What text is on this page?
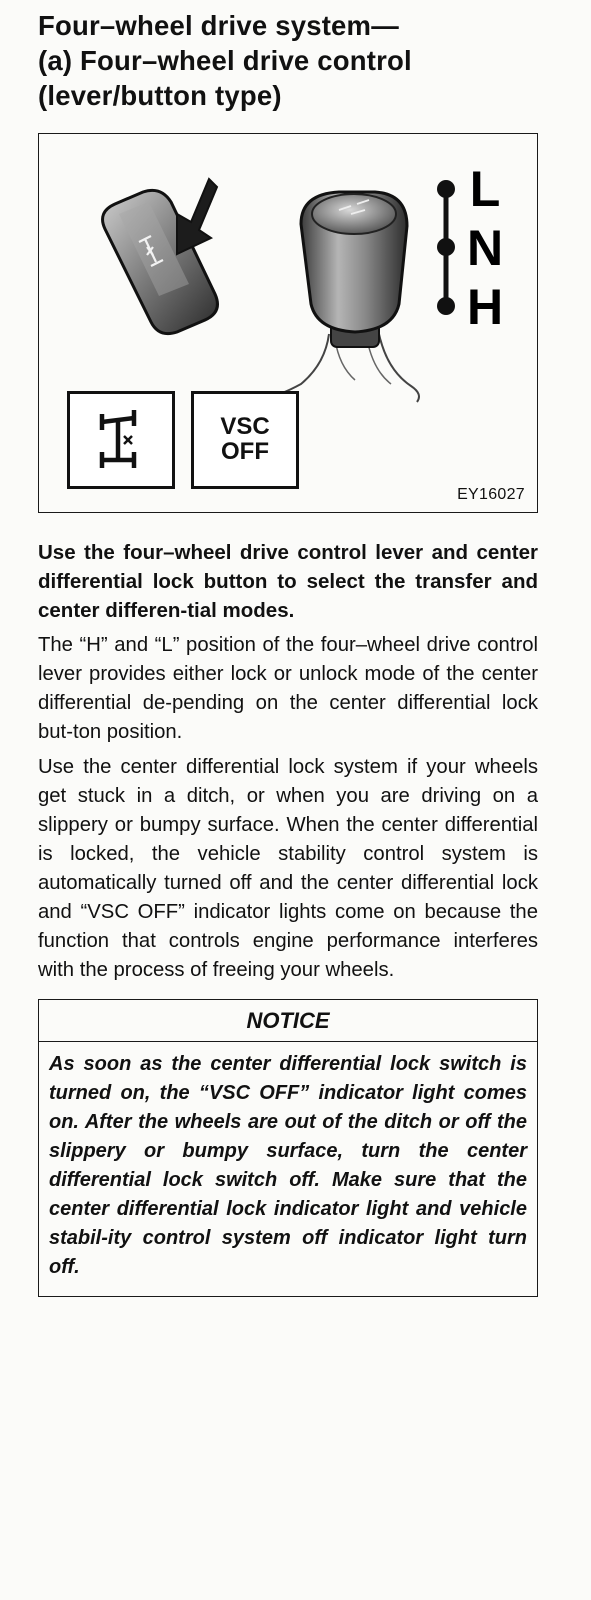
Four–wheel drive system—
(a) Four–wheel drive control
(lever/button type)
L
N
H
VSC
OFF
EY16027

Use the four–wheel drive control lever and center differential lock button to select the transfer and center differen-tial modes.

The “H” and “L” position of the four–wheel drive control lever provides either lock or unlock mode of the center differential de-pending on the center differential lock but-ton position.

Use the center differential lock system if your wheels get stuck in a ditch, or when you are driving on a slippery or bumpy surface. When the center differential is locked, the vehicle stability control system is automatically turned off and the center differential lock and “VSC OFF” indicator lights come on because the function that controls engine performance interferes with the process of freeing your wheels.

NOTICE
As soon as the center differential lock switch is turned on, the “VSC OFF” indicator light comes on. After the wheels are out of the ditch or off the slippery or bumpy surface, turn the center differential lock switch off. Make sure that the center differential lock indicator light and vehicle stabil-ity control system off indicator light turn off.
